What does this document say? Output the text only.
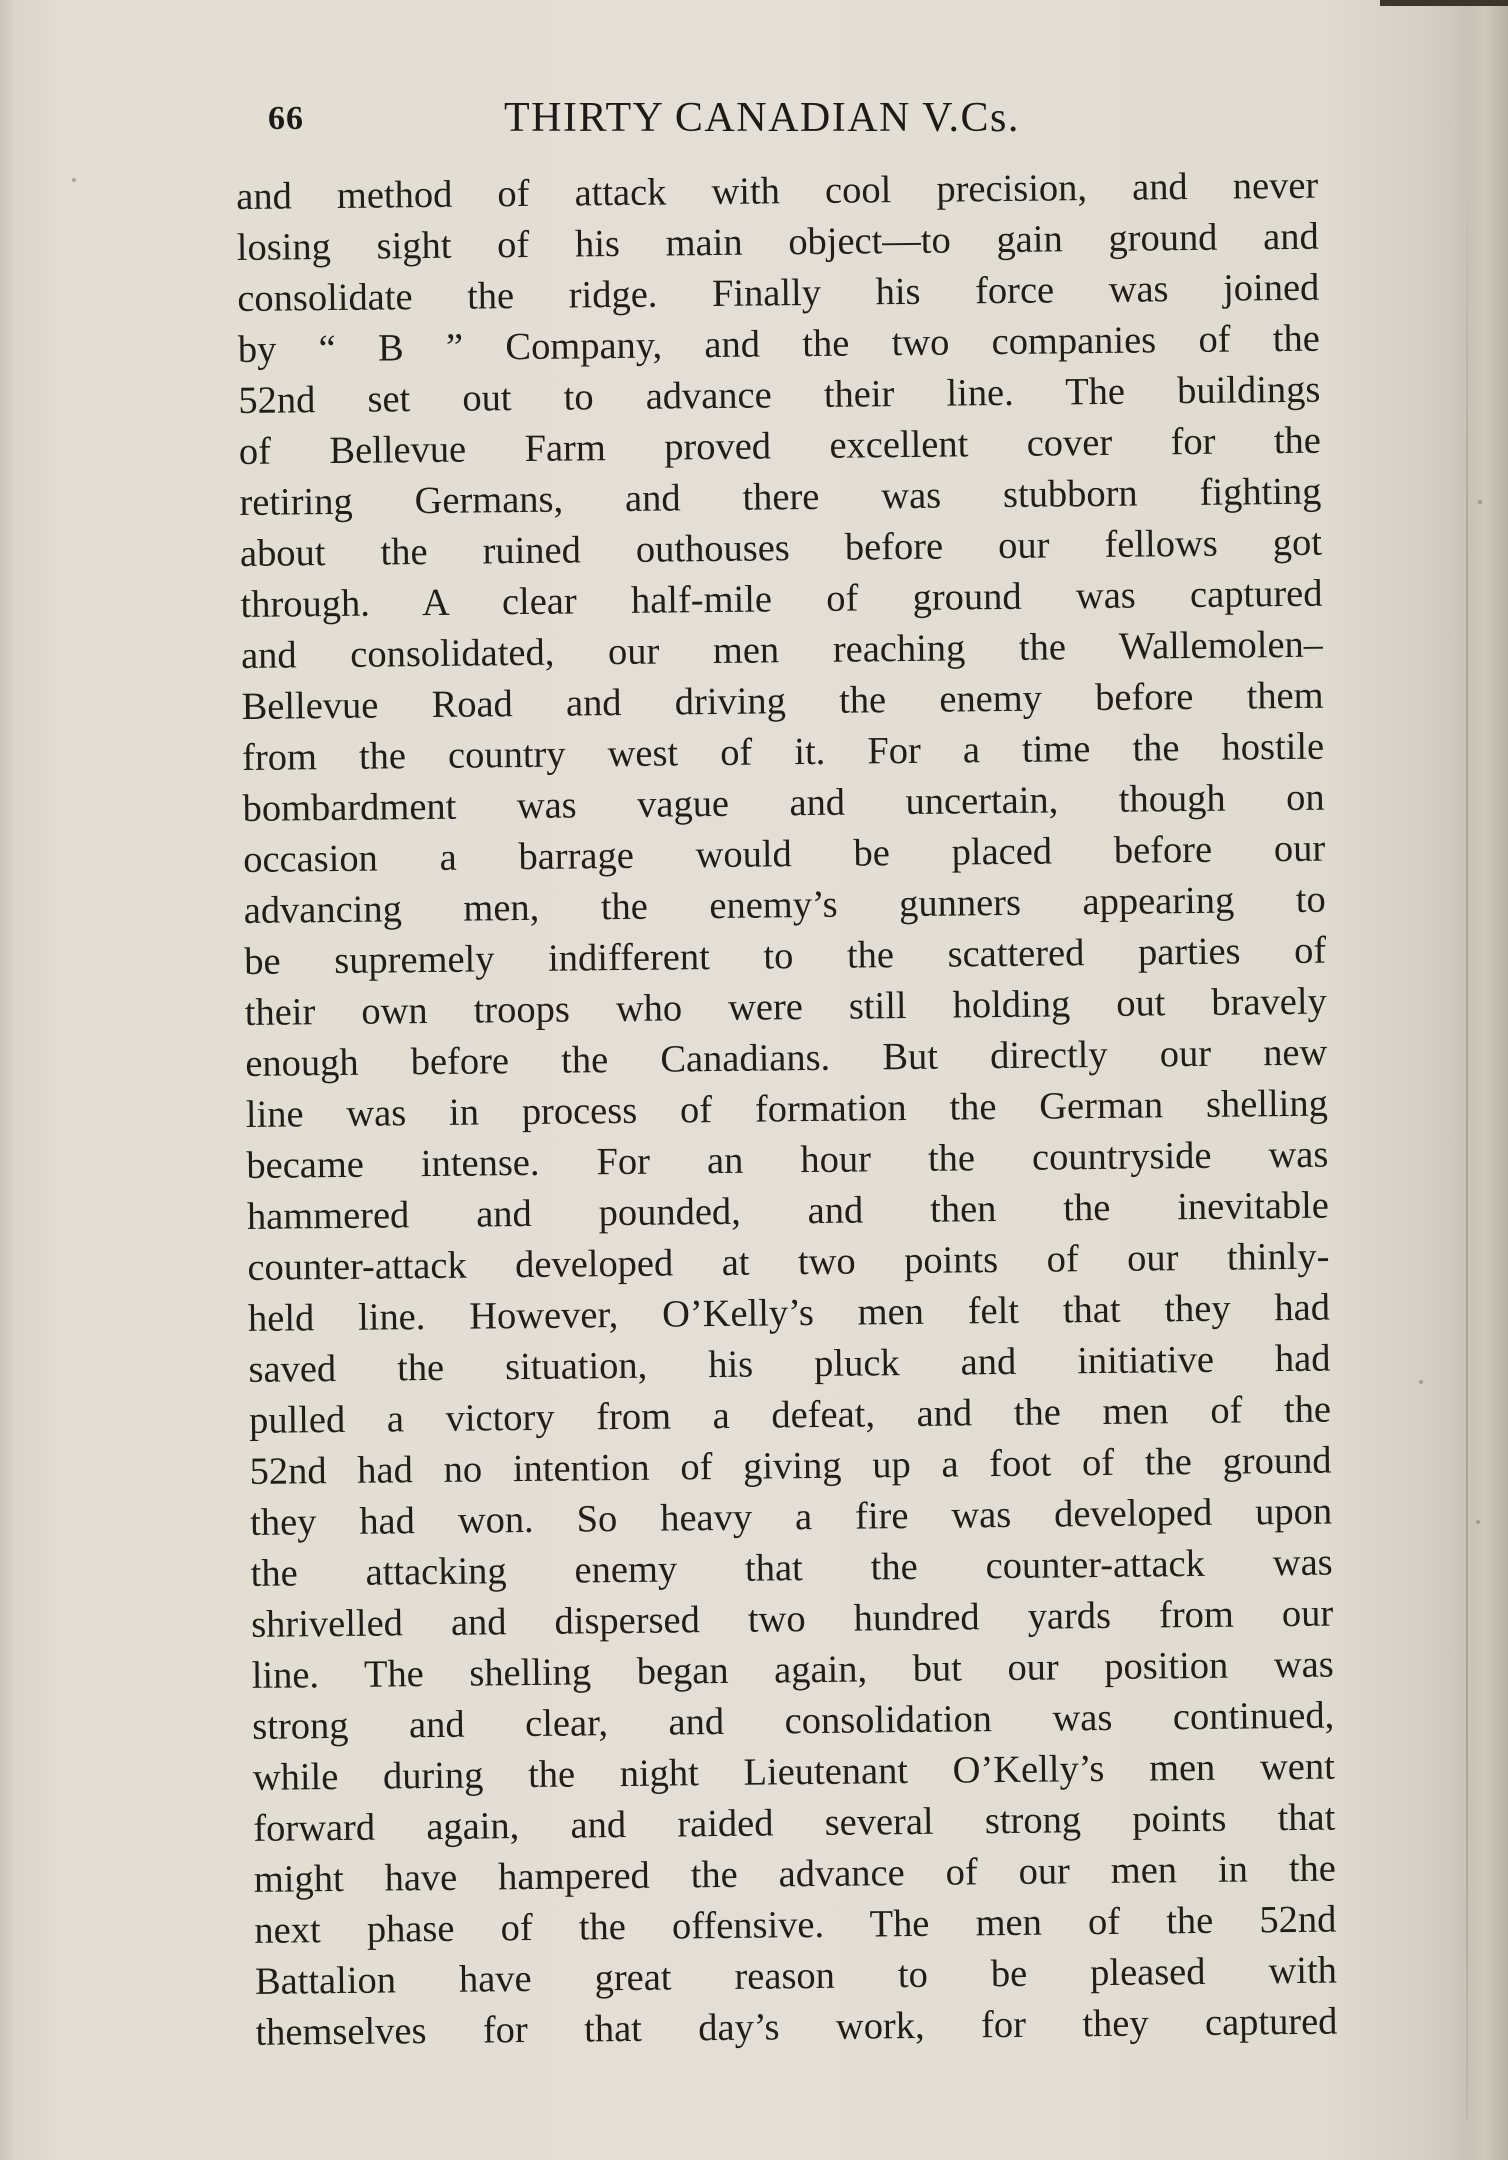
66	THIRTY CANADIAN V.Cs.
and method of attack with cool precision, and never
losing sight of his main object—to gain ground and
consolidate the ridge. Finally his force was joined
by “ B ” Company, and the two companies of the
52nd set out to advance their line. The buildings
of Bellevue Farm proved excellent cover for the
retiring Germans, and there was stubborn fighting
about the ruined outhouses before our fellows got
through. A clear half-mile of ground was captured
and consolidated, our men reaching the Wallemolen–
Bellevue Road and driving the enemy before them
from the country west of it. For a time the hostile
bombardment was vague and uncertain, though on
occasion a barrage would be placed before our
advancing men, the enemy’s gunners appearing to
be supremely indifferent to the scattered parties of
their own troops who were still holding out bravely
enough before the Canadians. But directly our new
line was in process of formation the German shelling
became intense. For an hour the countryside was
hammered and pounded, and then the inevitable
counter-attack developed at two points of our thinly-
held line. However, O’Kelly’s men felt that they had
saved the situation, his pluck and initiative had
pulled a victory from a defeat, and the men of the
52nd had no intention of giving up a foot of the ground
they had won. So heavy a fire was developed upon
the attacking enemy that the counter-attack was
shrivelled and dispersed two hundred yards from our
line. The shelling began again, but our position was
strong and clear, and consolidation was continued,
while during the night Lieutenant O’Kelly’s men went
forward again, and raided several strong points that
might have hampered the advance of our men in the
next phase of the offensive. The men of the 52nd
Battalion have great reason to be pleased with
themselves for that day’s work, for they captured
